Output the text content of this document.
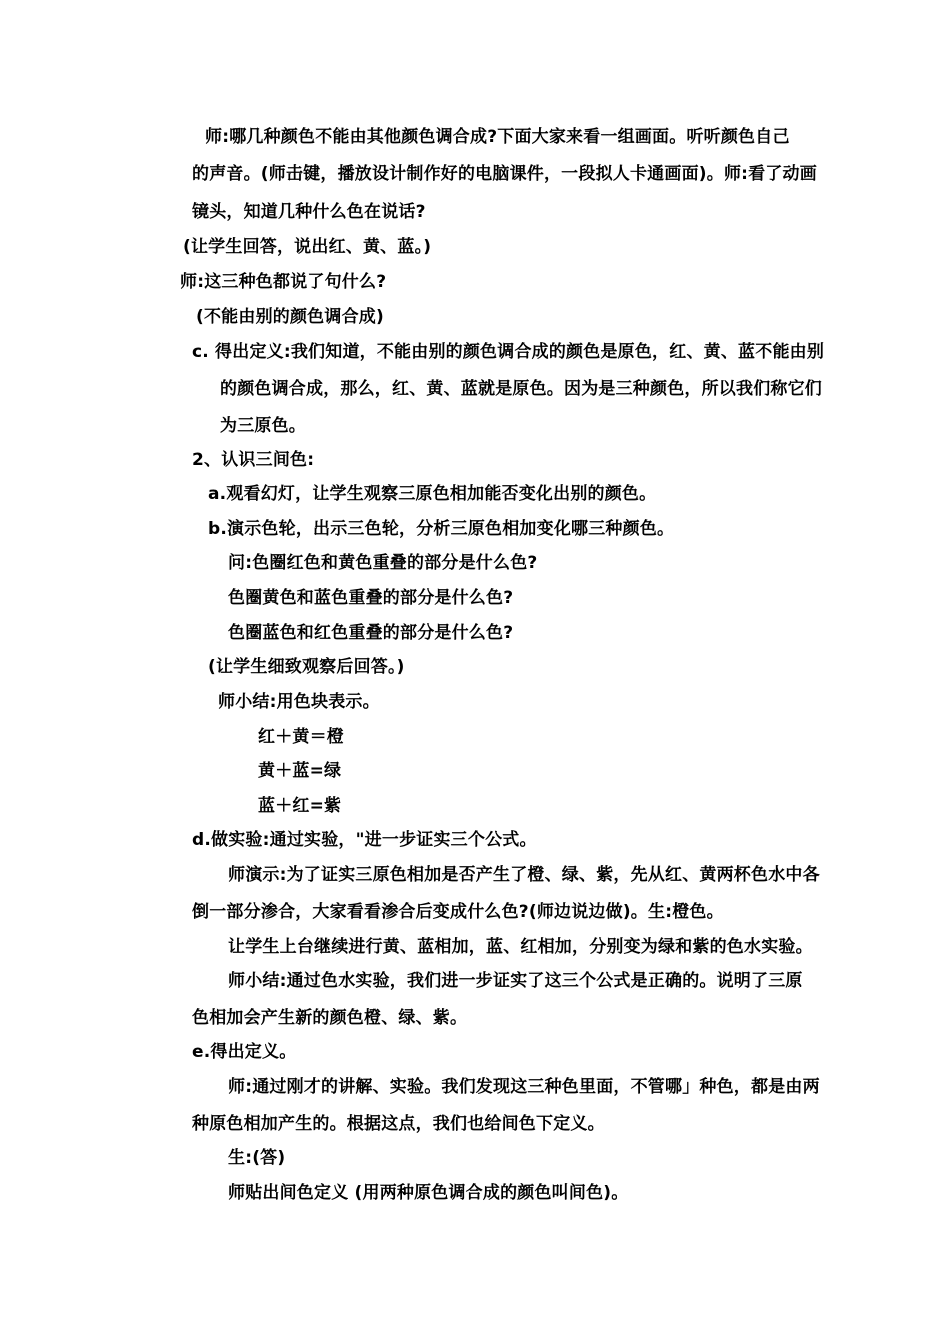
师:哪几种颜色不能由其他颜色调合成?下面大家来看一组画面。听听颜色自己
的声音。(师击键，播放设计制作好的电脑课件，一段拟人卡通画面)。师:看了动画
镜头，知道几种什么色在说话?
(让学生回答，说出红、黄、蓝。)
师:这三种色都说了句什么?
(不能由别的颜色调合成)
c. 得出定义:我们知道，不能由别的颜色调合成的颜色是原色，红、黄、蓝不能由别
的颜色调合成，那么，红、黄、蓝就是原色。因为是三种颜色，所以我们称它们
为三原色。
2、认识三间色:
a.观看幻灯，让学生观察三原色相加能否变化出别的颜色。
b.演示色轮，出示三色轮，分析三原色相加变化哪三种颜色。
问:色圈红色和黄色重叠的部分是什么色?
色圈黄色和蓝色重叠的部分是什么色?
色圈蓝色和红色重叠的部分是什么色?
(让学生细致观察后回答。)
师小结:用色块表示。
红＋黄＝橙
黄＋蓝=绿
蓝＋红=紫
d.做实验:通过实验，"进一步证实三个公式。
师演示:为了证实三原色相加是否产生了橙、绿、紫，先从红、黄两杯色水中各
倒一部分渗合，大家看看渗合后变成什么色?(师边说边做)。生:橙色。
让学生上台继续进行黄、蓝相加，蓝、红相加，分别变为绿和紫的色水实验。
师小结:通过色水实验，我们进一步证实了这三个公式是正确的。说明了三原
色相加会产生新的颜色橙、绿、紫。
e.得出定义。
师:通过刚才的讲解、实验。我们发现这三种色里面，不管哪」种色，都是由两
种原色相加产生的。根据这点，我们也给间色下定义。
生:(答)
师贴出间色定义 (用两种原色调合成的颜色叫间色)。
